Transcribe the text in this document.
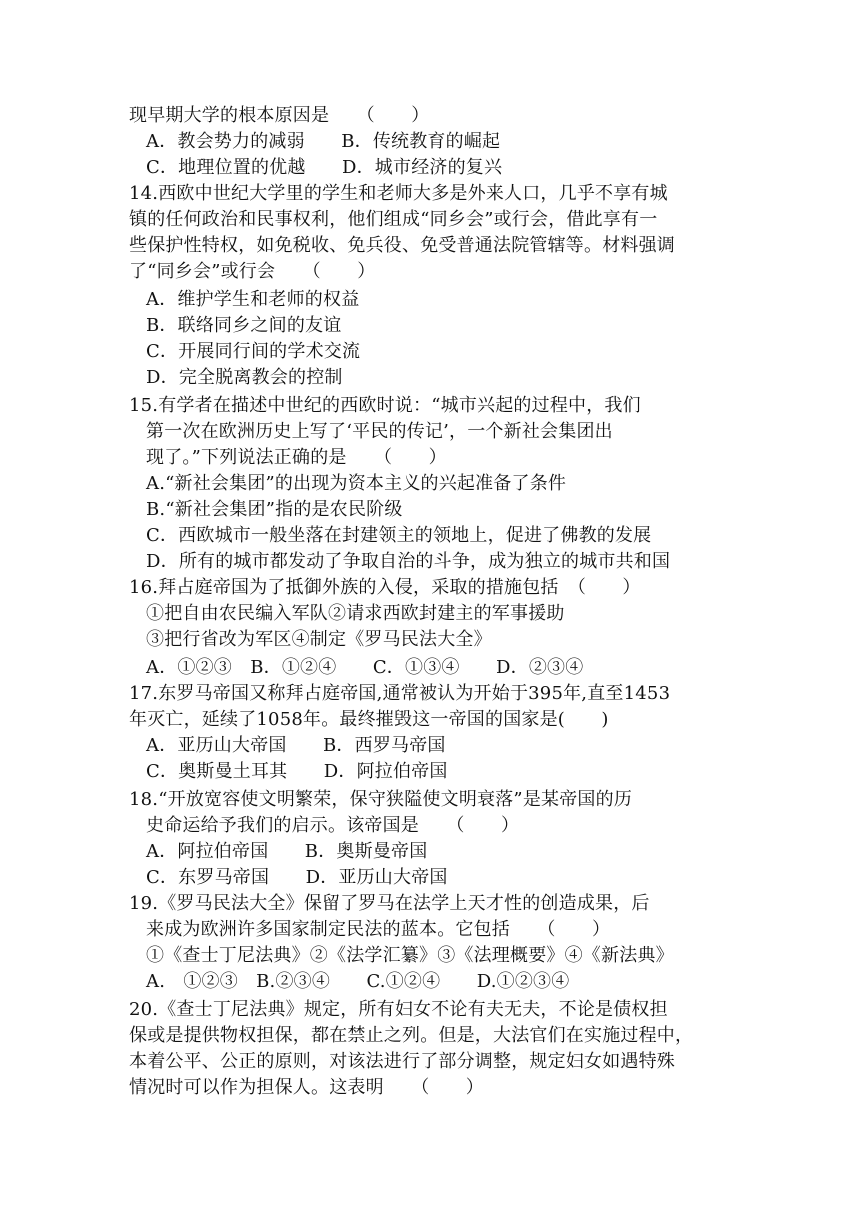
现早期大学的根本原因是　　（　　）
A．教会势力的减弱　　B．传统教育的崛起
C．地理位置的优越　　D．城市经济的复兴
14.西欧中世纪大学里的学生和老师大多是外来人口，几乎不享有城
镇的任何政治和民事权利，他们组成“同乡会”或行会，借此享有一
些保护性特权，如免税收、免兵役、免受普通法院管辖等。材料强调
了“同乡会”或行会　　（　　）
A．维护学生和老师的权益
B．联络同乡之间的友谊
C．开展同行间的学术交流
D．完全脱离教会的控制
15.有学者在描述中世纪的西欧时说：“城市兴起的过程中，我们
第一次在欧洲历史上写了‘平民的传记’，一个新社会集团出
现了。”下列说法正确的是　　（　　）
A.“新社会集团”的出现为资本主义的兴起准备了条件
B.“新社会集团”指的是农民阶级
C．西欧城市一般坐落在封建领主的领地上，促进了佛教的发展
D．所有的城市都发动了争取自治的斗争，成为独立的城市共和国
16.拜占庭帝国为了抵御外族的入侵，采取的措施包括　（　　）
①把自由农民编入军队②请求西欧封建主的军事援助
③把行省改为军区④制定《罗马民法大全》
A．①②③　B．①②④　　C．①③④　　D．②③④
17.东罗马帝国又称拜占庭帝国,通常被认为开始于395年,直至1453
年灭亡，延续了1058年。最终摧毁这一帝国的国家是(　　)
A．亚历山大帝国　　B．西罗马帝国
C．奥斯曼土耳其　　D．阿拉伯帝国
18.“开放宽容使文明繁荣，保守狭隘使文明衰落”是某帝国的历
史命运给予我们的启示。该帝国是　　（　　）
A．阿拉伯帝国　　B．奥斯曼帝国
C．东罗马帝国　　D．亚历山大帝国
19.《罗马民法大全》保留了罗马在法学上天才性的创造成果，后
来成为欧洲许多国家制定民法的蓝本。它包括　　（　　）
①《查士丁尼法典》②《法学汇纂》③《法理概要》④《新法典》
A.　①②③　B.②③④　　C.①②④　　D.①②③④
20.《查士丁尼法典》规定，所有妇女不论有夫无夫，不论是债权担
保或是提供物权担保，都在禁止之列。但是，大法官们在实施过程中，
本着公平、公正的原则，对该法进行了部分调整，规定妇女如遇特殊
情况时可以作为担保人。这表明　　（　　）
